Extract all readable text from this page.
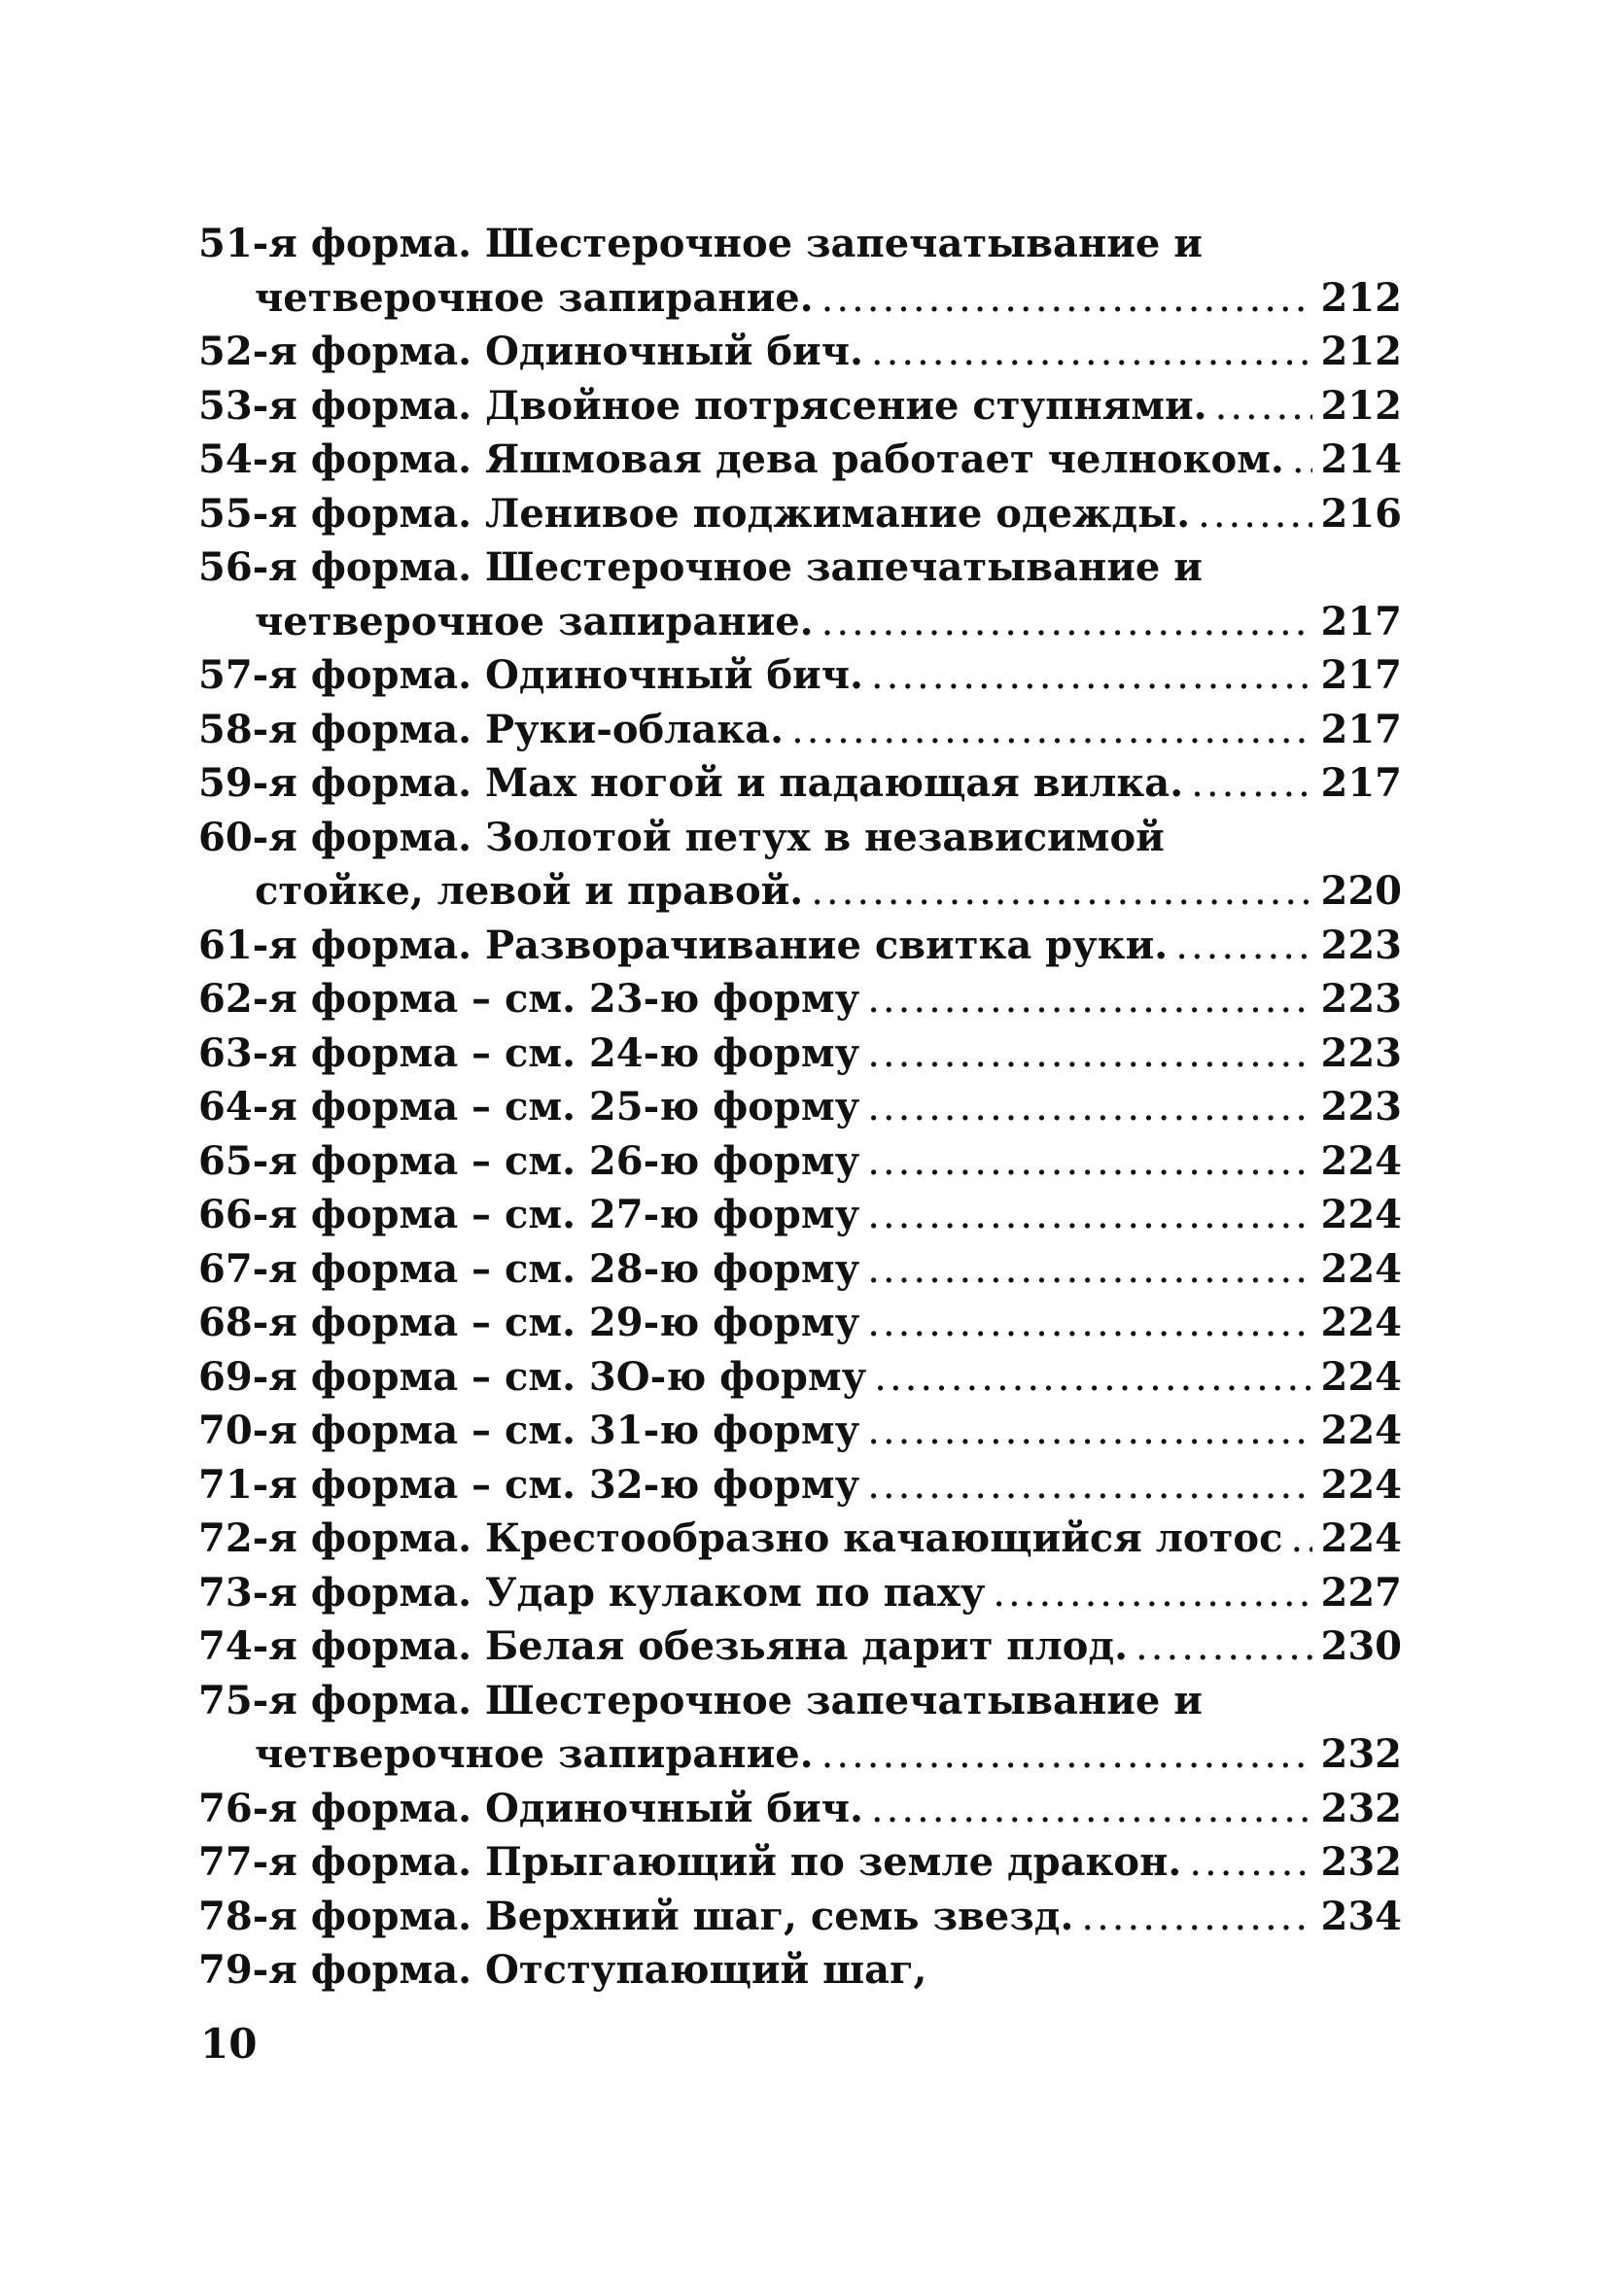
51-я форма. Шестерочное запечатывание и
четверочное запирание. .....	212
52-я форма. Одиночный бич. .....	212
53-я форма. Двойное потрясение ступнями. .....	212
54-я форма. Яшмовая дева работает челноком. ..... 214
55-я форма. Ленивое поджимание одежды. .....	216
56-я форма. Шестерочное запечатывание и
четверочное запирание. .....	217
57-я форма. Одиночный бич. .....	217
58-я форма. Руки-облака. .....	217
59-я форма. Мах ногой и падающая вилка. .....	217
60-я форма. Золотой петух в независимой
стойке, левой и правой. .....	220
61-я форма. Разворачивание свитка руки. .....	223
62-я форма – см. 23-ю форму .....	223
63-я форма – см. 24-ю форму .....	223
64-я форма – см. 25-ю форму .....	223
65-я форма – см. 26-ю форму .....	224
66-я форма – см. 27-ю форму .....	224
67-я форма – см. 28-ю форму .....	224
68-я форма – см. 29-ю форму .....	224
69-я форма – см. 3О-ю форму .....	224
70-я форма – см. 31-ю форму .....	224
71-я форма – см. 32-ю форму .....	224
72-я форма. Крестообразно качающийся лотос ..... 224
73-я форма. Удар кулаком по паху .....	227
74-я форма. Белая обезьяна дарит плод. .....	230
75-я форма. Шестерочное запечатывание и
четверочное запирание. .....	232
76-я форма. Одиночный бич. .....	232
77-я форма. Прыгающий по земле дракон. .....	232
78-я форма. Верхний шаг, семь звезд. .....	234
79-я форма. Отступающий шаг,
10
